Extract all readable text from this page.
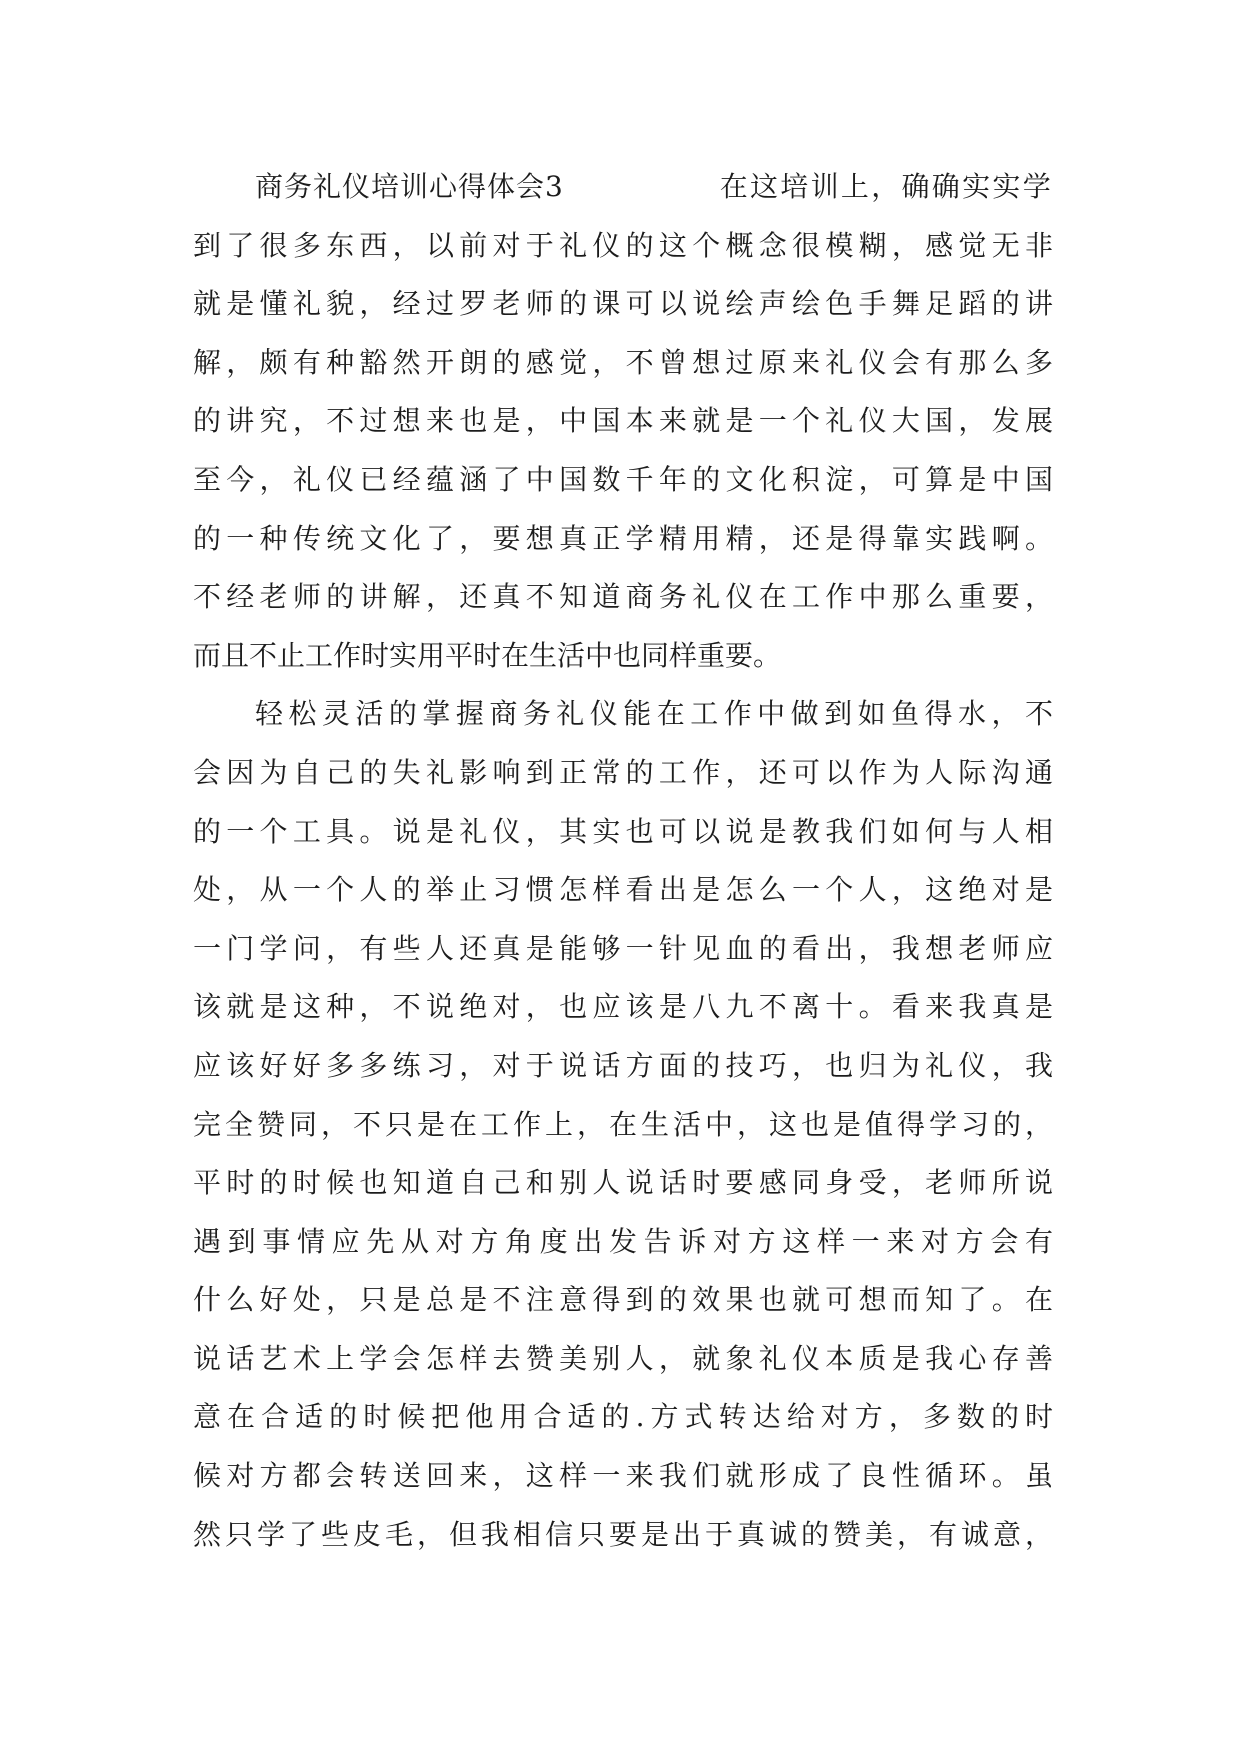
商务礼仪培训心得体会3	在这培训上，确确实实学
到了很多东西，以前对于礼仪的这个概念很模糊，感觉无非
就是懂礼貌，经过罗老师的课可以说绘声绘色手舞足蹈的讲
解，颇有种豁然开朗的感觉，不曾想过原来礼仪会有那么多
的讲究，不过想来也是，中国本来就是一个礼仪大国，发展
至今，礼仪已经蕴涵了中国数千年的文化积淀，可算是中国
的一种传统文化了，要想真正学精用精，还是得靠实践啊。
不经老师的讲解，还真不知道商务礼仪在工作中那么重要，
而且不止工作时实用平时在生活中也同样重要。
轻松灵活的掌握商务礼仪能在工作中做到如鱼得水，不
会因为自己的失礼影响到正常的工作，还可以作为人际沟通
的一个工具。说是礼仪，其实也可以说是教我们如何与人相
处，从一个人的举止习惯怎样看出是怎么一个人，这绝对是
一门学问，有些人还真是能够一针见血的看出，我想老师应
该就是这种，不说绝对，也应该是八九不离十。看来我真是
应该好好多多练习，对于说话方面的技巧，也归为礼仪，我
完全赞同，不只是在工作上，在生活中，这也是值得学习的，
平时的时候也知道自己和别人说话时要感同身受，老师所说
遇到事情应先从对方角度出发告诉对方这样一来对方会有
什么好处，只是总是不注意得到的效果也就可想而知了。在
说话艺术上学会怎样去赞美别人，就象礼仪本质是我心存善
意在合适的时候把他用合适的.方式转达给对方，多数的时
候对方都会转送回来，这样一来我们就形成了良性循环。虽
然只学了些皮毛，但我相信只要是出于真诚的赞美，有诚意，
